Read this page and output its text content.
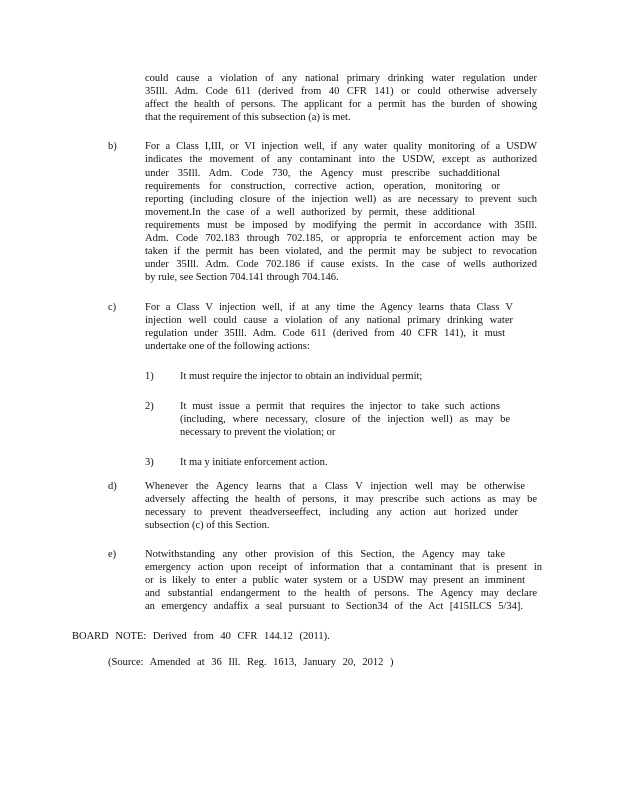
could cause a violation of any national primary drinking water regulation under
35Ill. Adm. Code 611 (derived from 40 CFR 141) or could otherwise adversely
affect the health of persons. The applicant for a permit has the burden of showing
that the requirement of this subsection (a) is met.
b)	For a Class I,III, or VI injection well, if any water quality monitoring of a USDW
indicates the movement of any contaminant into the USDW, except as authorized
under 35Ill. Adm. Code 730, the Agency must prescribe suchadditional
requirements for construction, corrective action, operation, monitoring or
reporting (including closure of the injection well) as are necessary to prevent such
movement.In the case of a well authorized by permit, these additional
requirements must be imposed by modifying the permit in accordance with 35Ill.
Adm. Code 702.183 through 702.185, or appropria te enforcement action may be
taken if the permit has been violated, and the permit may be subject to revocation
under 35Ill. Adm. Code 702.186 if cause exists. In the case of wells authorized
by rule, see Section 704.141 through 704.146.
c)	For a Class V injection well, if at any time the Agency learns thata Class V
injection well could cause a violation of any national primary drinking water
regulation under 35Ill. Adm. Code 611 (derived from 40 CFR 141), it must
undertake one of the following actions:
1)	It must require the injector to obtain an individual permit;
2)	It must issue a permit that requires the injector to take such actions
(including, where necessary, closure of the injection well) as may be
necessary to prevent the violation; or
3)	It ma y initiate enforcement action.
d)	Whenever the Agency learns that a Class V injection well may be otherwise
adversely affecting the health of persons, it may prescribe such actions as may be
necessary to prevent theadverseeffect, including any action aut horized under
subsection (c) of this Section.
e)	Notwithstanding any other provision of this Section, the Agency may take
emergency action upon receipt of information that a contaminant that is present in
or is likely to enter a public water system or a USDW may present an imminent
and substantial endangerment to the health of persons. The Agency may declare
an emergency andaffix a seal pursuant to Section34 of the Act [415ILCS 5/34].
BOARD NOTE: Derived from 40 CFR 144.12 (2011).
(Source: Amended at 36 Ill. Reg. 1613, January 20, 2012 )
